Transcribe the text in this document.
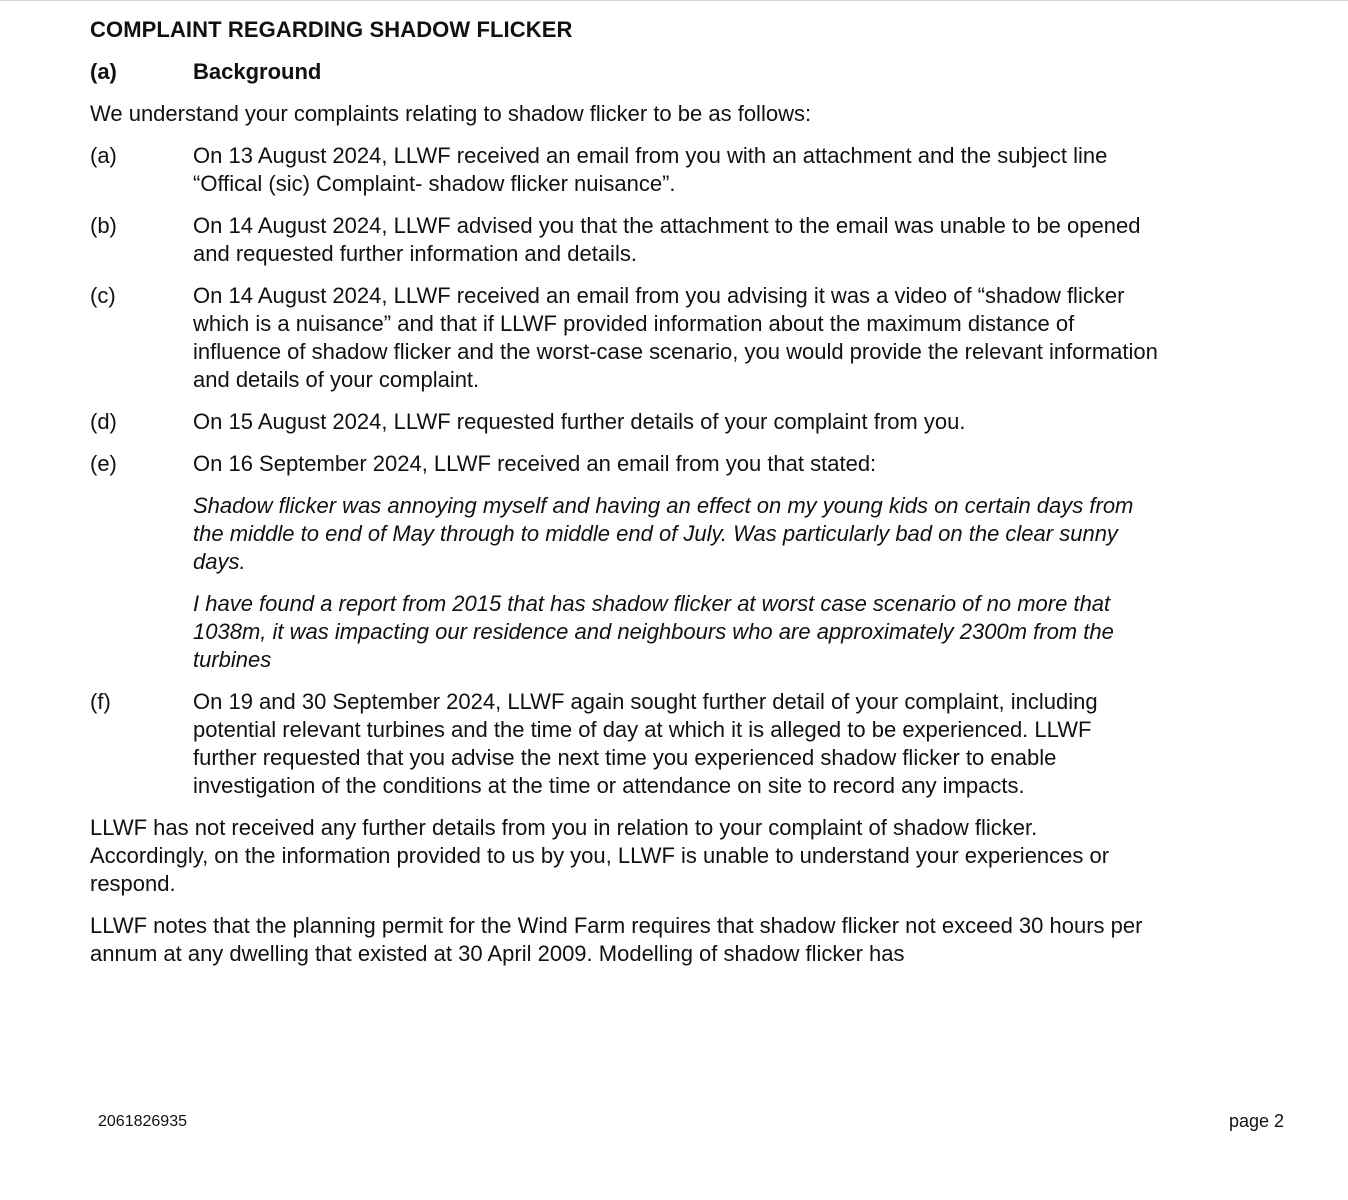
COMPLAINT REGARDING SHADOW FLICKER
(a)	Background
We understand your complaints relating to shadow flicker to be as follows:
(a)	On 13 August 2024, LLWF received an email from you with an attachment and the subject line “Offical (sic) Complaint- shadow flicker nuisance”.
(b)	On 14 August 2024, LLWF advised you that the attachment to the email was unable to be opened and requested further information and details.
(c)	On 14 August 2024, LLWF received an email from you advising it was a video of “shadow flicker which is a nuisance” and that if LLWF provided information about the maximum distance of influence of shadow flicker and the worst-case scenario, you would provide the relevant information and details of your complaint.
(d)	On 15 August 2024, LLWF requested further details of your complaint from you.
(e)	On 16 September 2024, LLWF received an email from you that stated:
Shadow flicker was annoying myself and having an effect on my young kids on certain days from the middle to end of May through to middle end of July. Was particularly bad on the clear sunny days.
I have found a report from 2015 that has shadow flicker at worst case scenario of no more that 1038m, it was impacting our residence and neighbours who are approximately 2300m from the turbines
(f)	On 19 and 30 September 2024, LLWF again sought further detail of your complaint, including potential relevant turbines and the time of day at which it is alleged to be experienced. LLWF further requested that you advise the next time you experienced shadow flicker to enable investigation of the conditions at the time or attendance on site to record any impacts.
LLWF has not received any further details from you in relation to your complaint of shadow flicker. Accordingly, on the information provided to us by you, LLWF is unable to understand your experiences or respond.
LLWF notes that the planning permit for the Wind Farm requires that shadow flicker not exceed 30 hours per annum at any dwelling that existed at 30 April 2009. Modelling of shadow flicker has
2061826935	page 2
